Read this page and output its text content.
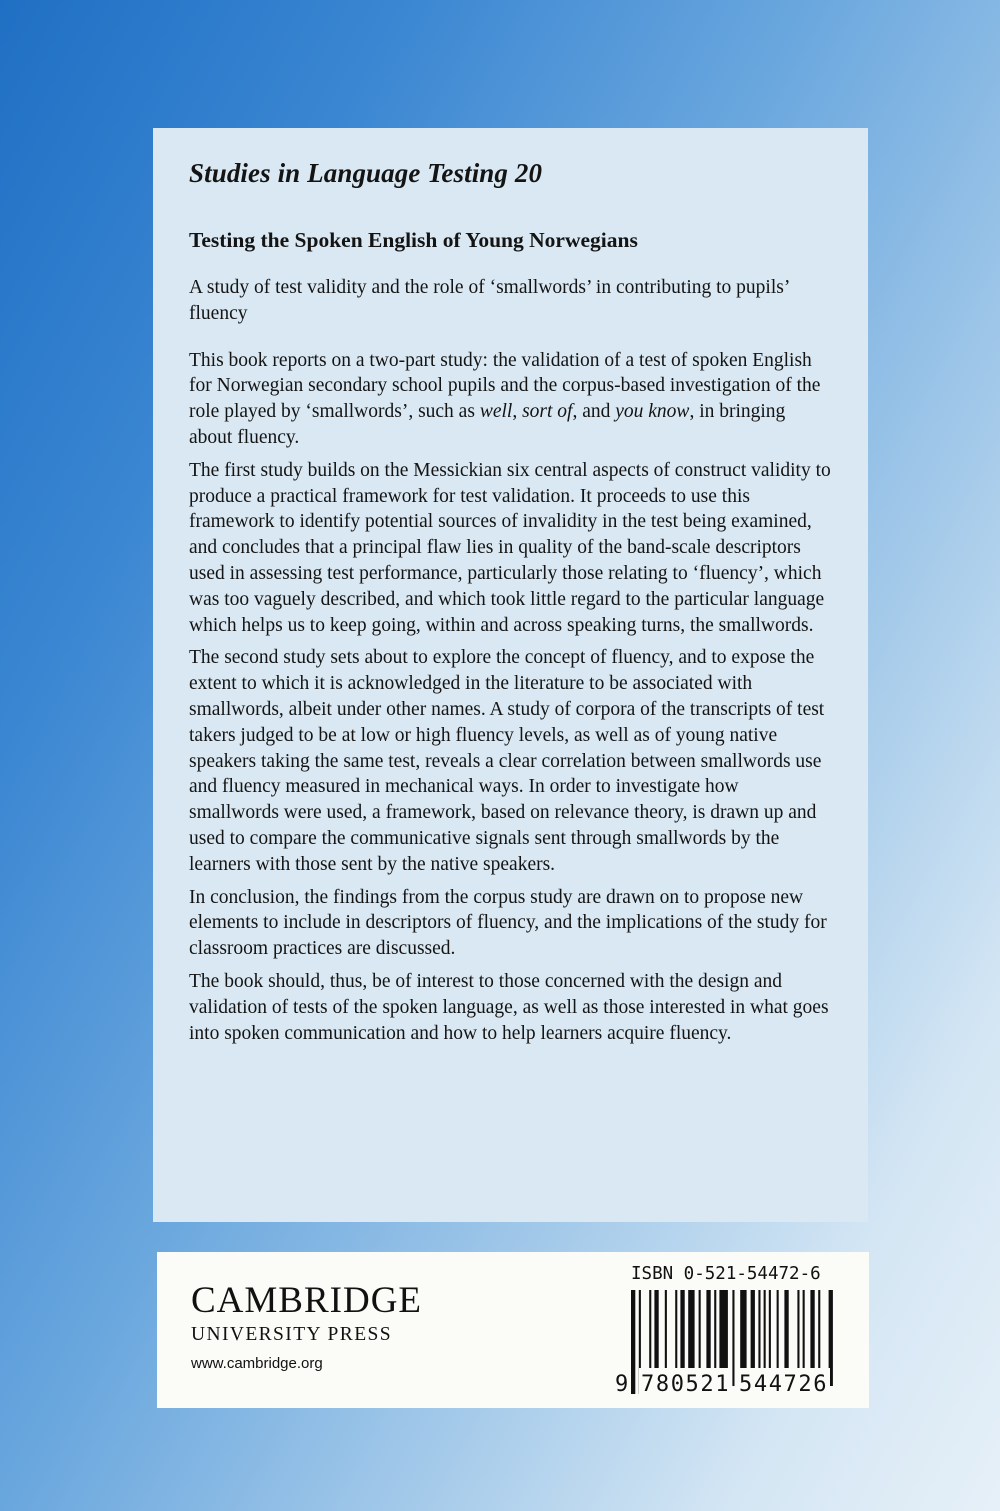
Studies in Language Testing 20
Testing the Spoken English of Young Norwegians

A study of test validity and the role of ‘smallwords’ in contributing to pupils’ fluency

This book reports on a two-part study: the validation of a test of spoken English for Norwegian secondary school pupils and the corpus-based investigation of the role played by ‘smallwords’, such as well, sort of, and you know, in bringing about fluency.

The first study builds on the Messickian six central aspects of construct validity to produce a practical framework for test validation. It proceeds to use this framework to identify potential sources of invalidity in the test being examined, and concludes that a principal flaw lies in quality of the band-scale descriptors used in assessing test performance, particularly those relating to ‘fluency’, which was too vaguely described, and which took little regard to the particular language which helps us to keep going, within and across speaking turns, the smallwords.

The second study sets about to explore the concept of fluency, and to expose the extent to which it is acknowledged in the literature to be associated with smallwords, albeit under other names. A study of corpora of the transcripts of test takers judged to be at low or high fluency levels, as well as of young native speakers taking the same test, reveals a clear correlation between smallwords use and fluency measured in mechanical ways. In order to investigate how smallwords were used, a framework, based on relevance theory, is drawn up and used to compare the communicative signals sent through smallwords by the learners with those sent by the native speakers.

In conclusion, the findings from the corpus study are drawn on to propose new elements to include in descriptors of fluency, and the implications of the study for classroom practices are discussed.

The book should, thus, be of interest to those concerned with the design and validation of tests of the spoken language, as well as those interested in what goes into spoken communication and how to help learners acquire fluency.

CAMBRIDGE
UNIVERSITY PRESS
www.cambridge.org
ISBN 0-521-54472-6
9 780521 544726
